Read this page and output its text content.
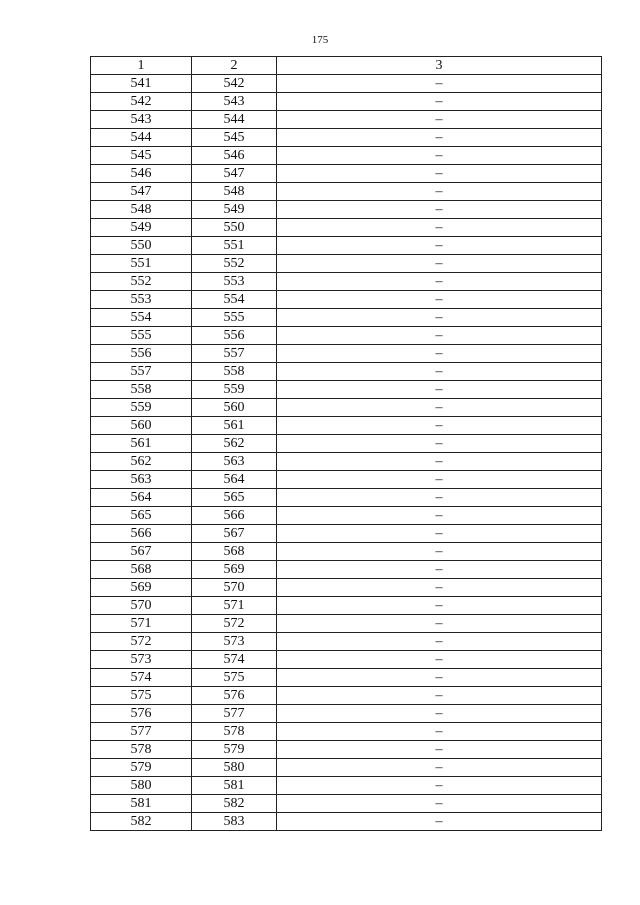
175
1	2	3
541	542	–
542	543	–
543	544	–
544	545	–
545	546	–
546	547	–
547	548	–
548	549	–
549	550	–
550	551	–
551	552	–
552	553	–
553	554	–
554	555	–
555	556	–
556	557	–
557	558	–
558	559	–
559	560	–
560	561	–
561	562	–
562	563	–
563	564	–
564	565	–
565	566	–
566	567	–
567	568	–
568	569	–
569	570	–
570	571	–
571	572	–
572	573	–
573	574	–
574	575	–
575	576	–
576	577	–
577	578	–
578	579	–
579	580	–
580	581	–
581	582	–
582	583	–
